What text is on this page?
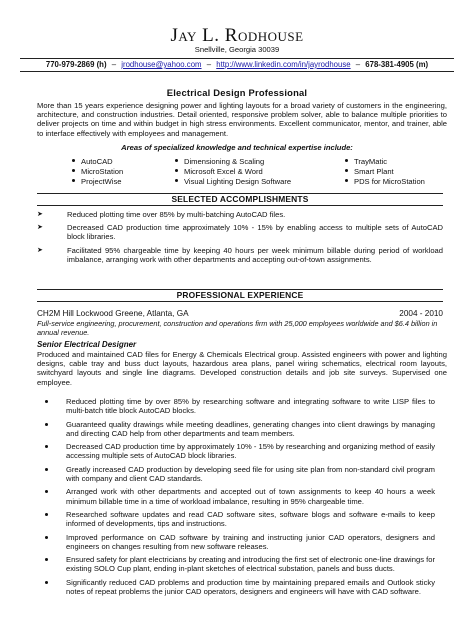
Jay L. Rodhouse
Snellville, Georgia 30039
770-979-2869 (h) – jrodhouse@yahoo.com – http://www.linkedin.com/in/jayrodhouse – 678-381-4905 (m)
Electrical Design Professional
More than 15 years experience designing power and lighting layouts for a broad variety of customers in the engineering, architecture, and construction industries. Detail oriented, responsive problem solver, able to balance multiple priorities to deliver projects on time and within budget in high stress environments. Excellent communicator, mentor, and trainer, able to interface effectively with employees and management.
Areas of specialized knowledge and technical expertise include:
AutoCAD
MicroStation
ProjectWise
Dimensioning & Scaling
Microsoft Excel & Word
Visual Lighting Design Software
TrayMatic
Smart Plant
PDS for MicroStation
SELECTED ACCOMPLISHMENTS
➤	Reduced plotting time over 85% by multi-batching AutoCAD files.
➤	Decreased CAD production time approximately 10% - 15% by enabling access to multiple sets of AutoCAD block libraries.
➤	Facilitated 95% chargeable time by keeping 40 hours per week minimum billable during period of workload imbalance, arranging work with other departments and accepting out-of-town assignments.
PROFESSIONAL EXPERIENCE
CH2M Hill Lockwood Greene, Atlanta, GA	2004 - 2010
Full-service engineering, procurement, construction and operations firm with 25,000 employees worldwide and $6.4 billion in annual revenue.
Senior Electrical Designer
Produced and maintained CAD files for Energy & Chemicals Electrical group. Assisted engineers with power and lighting designs, cable tray and buss duct layouts, hazardous area plans, panel wiring schematics, electrical room layouts, switchyard layouts and single line diagrams. Developed construction details and job site surveys. Supervised one employee.
Reduced plotting time by over 85% by researching software and integrating software to write LISP files to multi-batch title block AutoCAD blocks.
Guaranteed quality drawings while meeting deadlines, generating changes into client drawings by managing and directing CAD help from other departments and team members.
Decreased CAD production time by approximately 10% - 15% by researching and organizing method of easily accessing multiple sets of AutoCAD block libraries.
Greatly increased CAD production by developing seed file for using site plan from non-standard civil program with company and client CAD standards.
Arranged work with other departments and accepted out of town assignments to keep 40 hours a week minimum billable time in a time of workload imbalance, resulting in 95% chargeable time.
Researched software updates and read CAD software sites, software blogs and software e-mails to keep informed of developments, tips and instructions.
Improved performance on CAD software by training and instructing junior CAD operators, designers and engineers on changes resulting from new software releases.
Ensured safety for plant electricians by creating and introducing the first set of electronic one-line drawings for existing SOLO Cup plant, ending in-plant sketches of electrical substation, panels and buss ducts.
Significantly reduced CAD problems and production time by maintaining prepared emails and Outlook sticky notes of repeat problems the junior CAD operators, designers and engineers will have with CAD software.
